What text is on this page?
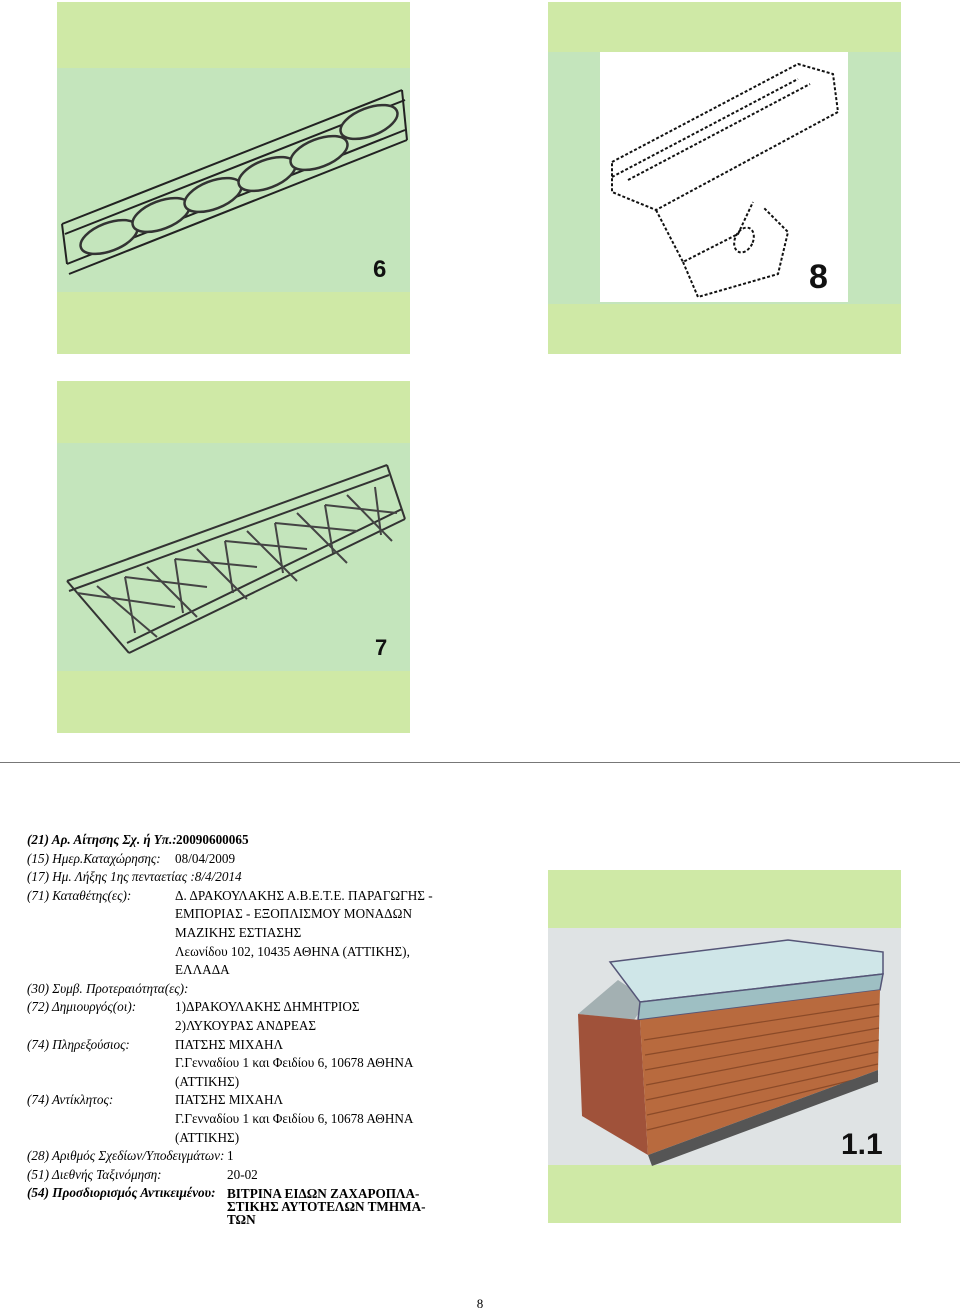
6	8
7
(21) Αρ. Αίτησης Σχ. ή Υπ.: 20090600065
(15) Ημερ.Καταχώρησης: 08/04/2009
(17) Ημ. Λήξης 1ης πενταετίας :8/4/2014
(71) Καταθέτης(ες):	Δ. ΔΡΑΚΟΥΛΑΚΗΣ Α.Β.Ε.Τ.Ε. ΠΑΡΑΓΩΓΗΣ -
ΕΜΠΟΡΙΑΣ - ΕΞΟΠΛΙΣΜΟΥ ΜΟΝΑΔΩΝ
ΜΑΖΙΚΗΣ ΕΣΤΙΑΣΗΣ
Λεωνίδου 102, 10435 ΑΘΗΝΑ (ΑΤΤΙΚΗΣ),
ΕΛΛΑΔΑ
(30) Συμβ. Προτεραιότητα(ες):
(72) Δημιουργός(οι):	1)ΔΡΑΚΟΥΛΑΚΗΣ ΔΗΜΗΤΡΙΟΣ
2)ΛΥΚΟΥΡΑΣ ΑΝΔΡΕΑΣ
(74) Πληρεξούσιος:	ΠΑΤΣΗΣ ΜΙΧΑΗΛ
Γ.Γενναδίου 1 και Φειδίου 6, 10678 ΑΘΗΝΑ
(ΑΤΤΙΚΗΣ)
(74) Αντίκλητος:	ΠΑΤΣΗΣ ΜΙΧΑΗΛ
Γ.Γενναδίου 1 και Φειδίου 6, 10678 ΑΘΗΝΑ
(ΑΤΤΙΚΗΣ)
(28) Αριθμός Σχεδίων/Υποδειγμάτων: 1
(51) Διεθνής Ταξινόμηση:	20-02
(54) Προσδιορισμός Αντικειμένου: ΒΙΤΡΙΝΑ ΕΙΔΩΝ ΖΑΧΑΡΟΠΛΑ-
ΣΤΙΚΗΣ ΑΥΤΟΤΕΛΩΝ ΤΜΗΜΑ-
ΤΩΝ
1.1
8
